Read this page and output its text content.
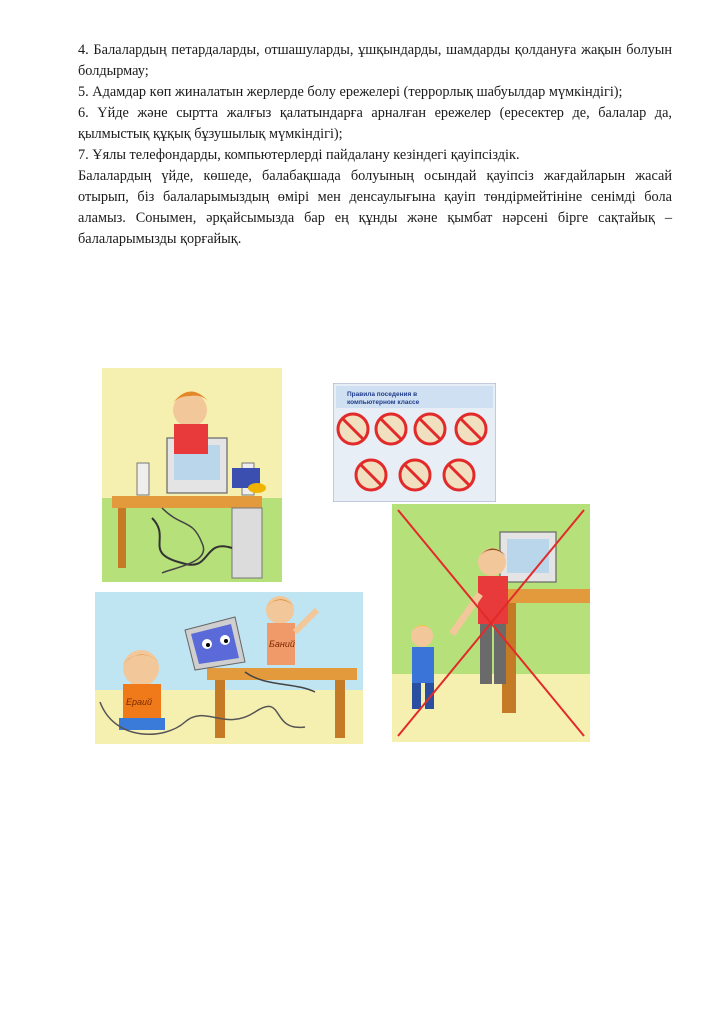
4. Балалардың петардаларды, отшашуларды, ұшқындарды, шамдарды қолдануға жақын болуын болдырмау;

5. Адамдар көп жиналатын жерлерде болу ережелері (террорлық шабуылдар мүмкіндігі);

6. Үйде және сыртта жалғыз қалатындарға арналған ережелер (ересектер де, балалар да, қылмыстық құқық бұзушылық мүмкіндігі);

7. Ұялы телефондарды, компьютерлерді пайдалану кезіндегі қауіпсіздік.

Балалардың үйде, көшеде, балабақшада болуының осындай қауіпсіз жағдайларын жасай отырып, біз балаларымыздың өмірі мен денсаулығына қауіп төндірмейтініне сенімді бола аламыз. Сонымен, әрқайсымызда бар ең құнды және қымбат нәрсені бірге сақтайық – балаларымызды қорғайық.

Правила поседения в
компьютерном классе
Баний
Ераий
